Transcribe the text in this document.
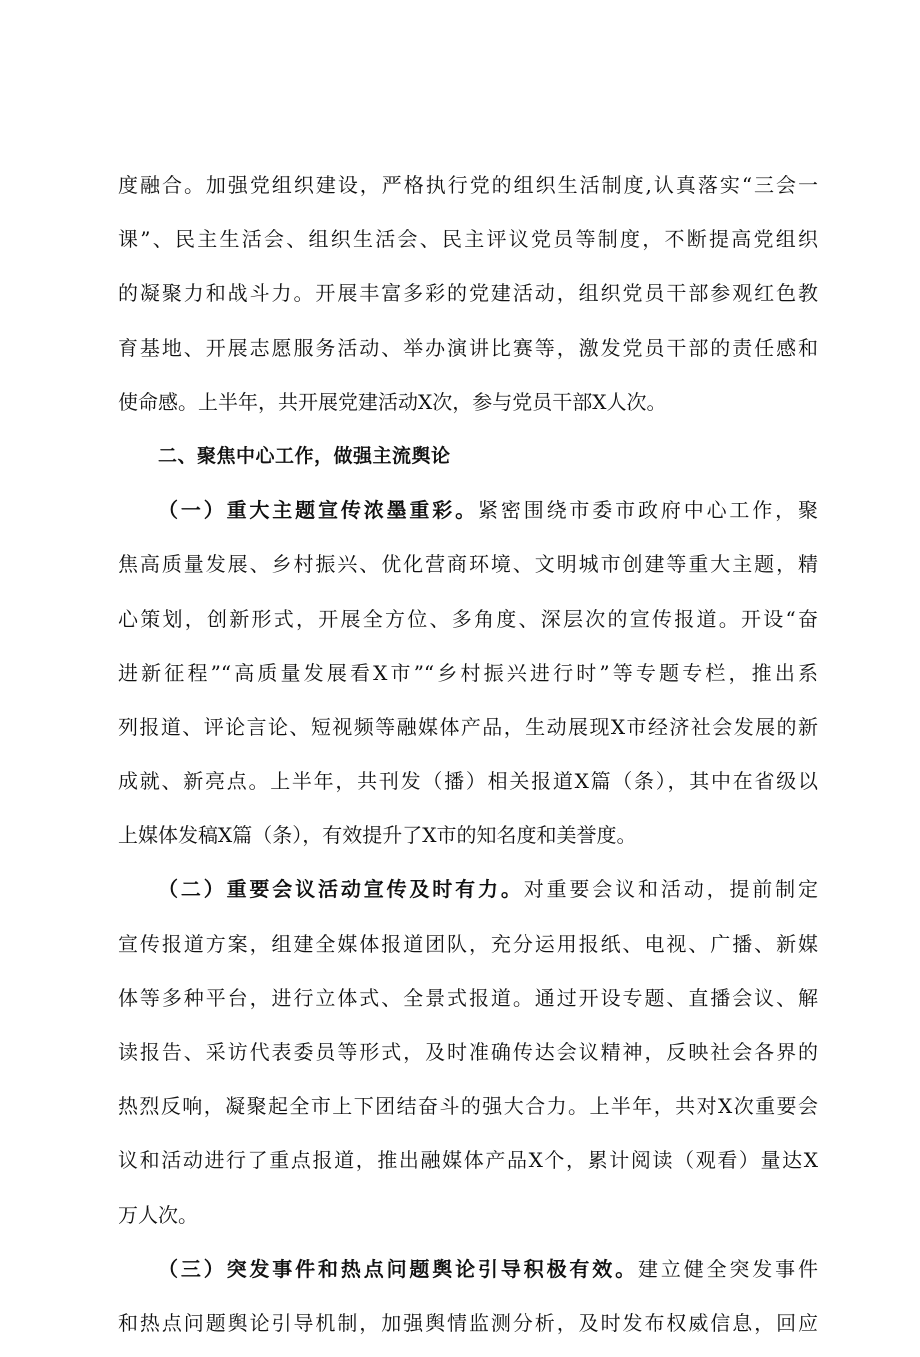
度融合。加强党组织建设，严格执行党的组织生活制度,认真落实“三会一
课”、民主生活会、组织生活会、民主评议党员等制度，不断提高党组织
的凝聚力和战斗力。开展丰富多彩的党建活动，组织党员干部参观红色教
育基地、开展志愿服务活动、举办演讲比赛等，激发党员干部的责任感和
使命感。上半年，共开展党建活动X次，参与党员干部X人次。
二、聚焦中心工作，做强主流舆论
（一）重大主题宣传浓墨重彩。紧密围绕市委市政府中心工作，聚
焦高质量发展、乡村振兴、优化营商环境、文明城市创建等重大主题，精
心策划，创新形式，开展全方位、多角度、深层次的宣传报道。开设“奋
进新征程”“高质量发展看X市”“乡村振兴进行时”等专题专栏，推出系
列报道、评论言论、短视频等融媒体产品，生动展现X市经济社会发展的新
成就、新亮点。上半年，共刊发（播）相关报道X篇（条），其中在省级以
上媒体发稿X篇（条），有效提升了X市的知名度和美誉度。
（二）重要会议活动宣传及时有力。对重要会议和活动，提前制定
宣传报道方案，组建全媒体报道团队，充分运用报纸、电视、广播、新媒
体等多种平台，进行立体式、全景式报道。通过开设专题、直播会议、解
读报告、采访代表委员等形式，及时准确传达会议精神，反映社会各界的
热烈反响，凝聚起全市上下团结奋斗的强大合力。上半年，共对X次重要会
议和活动进行了重点报道，推出融媒体产品X个，累计阅读（观看）量达X
万人次。
（三）突发事件和热点问题舆论引导积极有效。建立健全突发事件
和热点问题舆论引导机制，加强舆情监测分析，及时发布权威信息，回应
